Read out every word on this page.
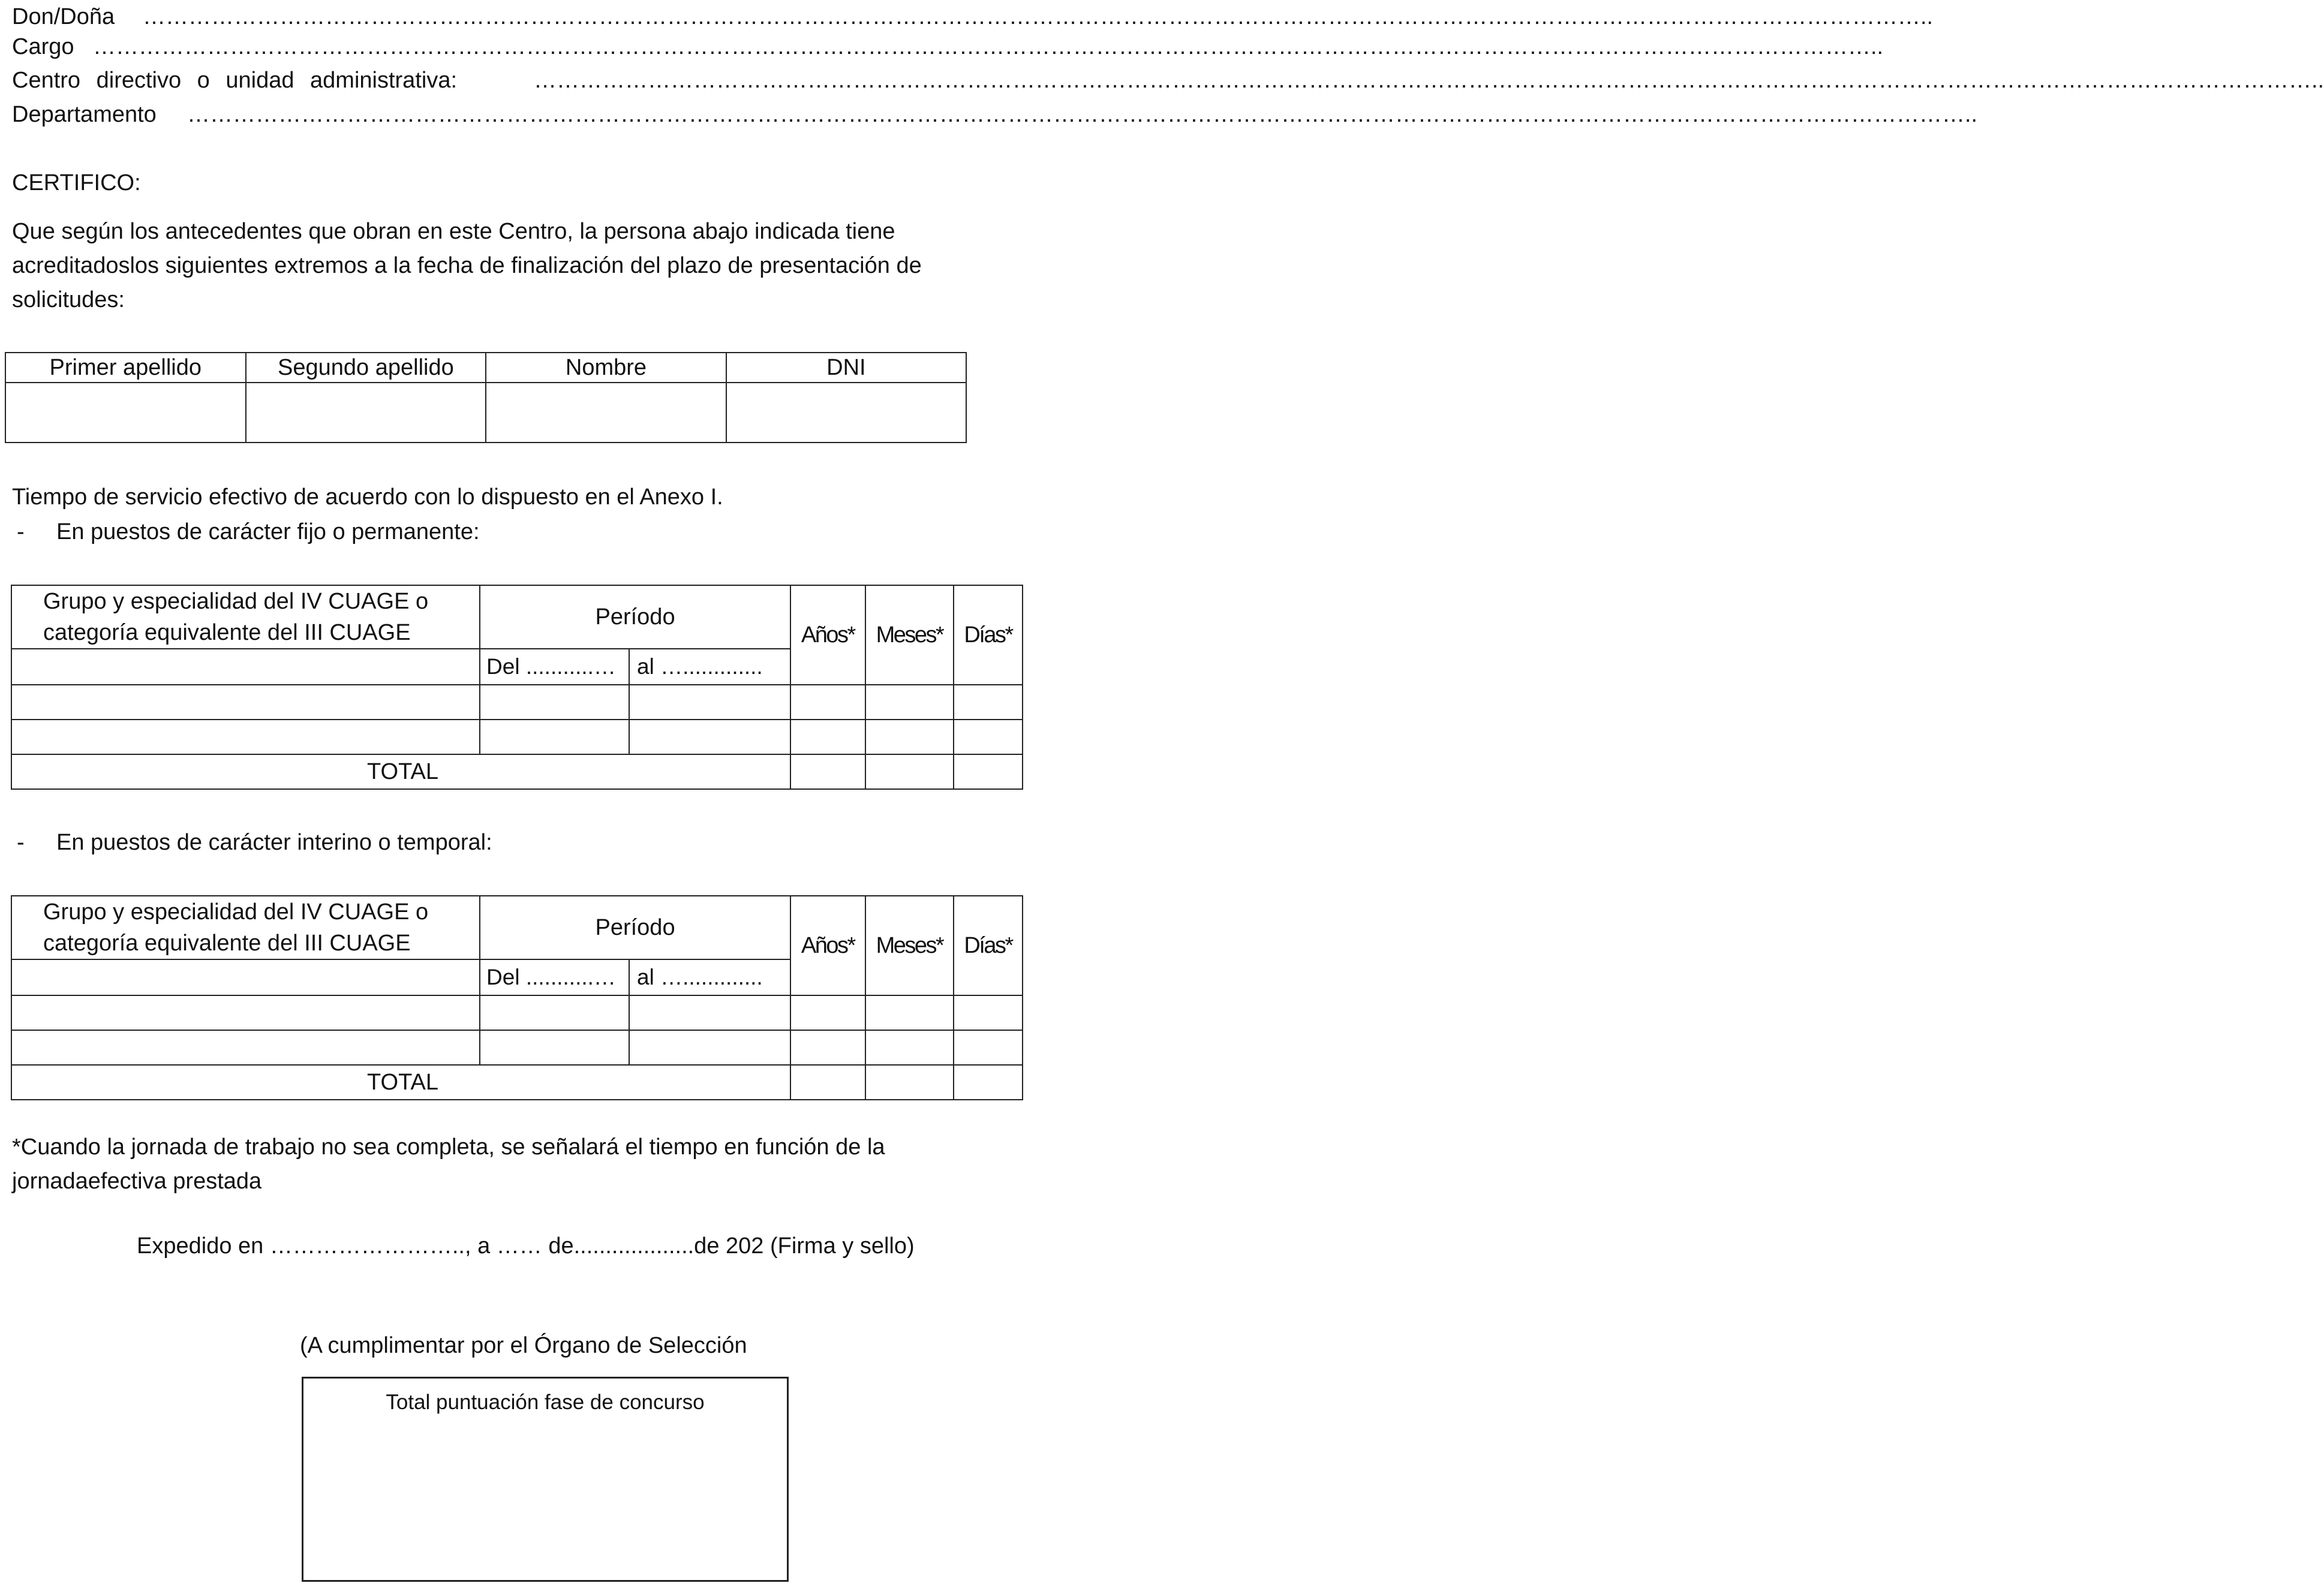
Don/Doña ………………………………………………………………………………………………………………………………………………………………………………………………………………..
Cargo ………………………………………………………………………………………………………………………………………………………………………………………………………………..
Centro directivo o unidad administrativa:	………………………………………………………………………………………………………………………………………………………………………………………………………………..
Departamento ………………………………………………………………………………………………………………………………………………………………………………………………………………..
CERTIFICO:
Que según los antecedentes que obran en este Centro, la persona abajo indicada tiene acreditadoslos siguientes extremos a la fecha de finalización del plazo de presentación de solicitudes:
Primer apellido	Segundo apellido	Nombre	DNI

Tiempo de servicio efectivo de acuerdo con lo dispuesto en el Anexo I.
- En puestos de carácter fijo o permanente:
Grupo y especialidad del IV CUAGE o
categoría equivalente del III CUAGE	Período		Años*	Meses*	Días*
	Del ...........…	al ….............			

TOTAL					
- En puestos de carácter interino o temporal:
Grupo y especialidad del IV CUAGE o
categoría equivalente del III CUAGE	Período		Años*	Meses*	Días*
	Del ...........…	al ….............			

TOTAL					
*Cuando la jornada de trabajo no sea completa, se señalará el tiempo en función de la jornadaefectiva prestada
Expedido en …………………….., a …… de...................de 202 (Firma y sello)
(A cumplimentar por el Órgano de Selección
Total puntuación fase de concurso
